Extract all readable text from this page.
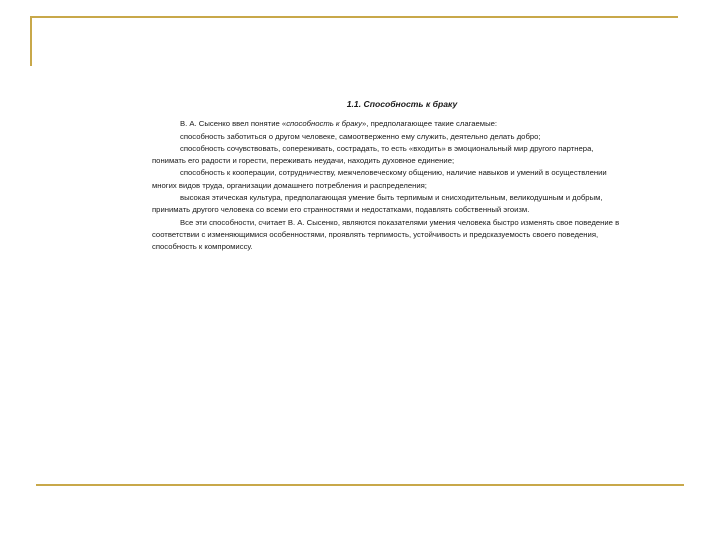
1.1. Способность к браку

В. А. Сысенко ввел понятие «способность к браку», предполагающее такие слагаемые:

способность заботиться о другом человеке, самоотверженно ему служить, деятельно делать добро;

способность сочувствовать, сопереживать, сострадать, то есть «входить» в эмоциональный мир другого партнера, понимать его радости и горести, переживать неудачи, находить духовное единение;

способность к кооперации, сотрудничеству, межчеловеческому общению, наличие навыков и умений в осуществлении многих видов труда, организации домашнего потребления и распределения;

высокая этическая культура, предполагающая умение быть терпимым и снисходительным, великодушным и добрым, принимать другого человека со всеми его странностями и недостатками, подавлять собственный эгоизм.

Все эти способности, считает В. А. Сысенко, являются показателями умения человека быстро изменять свое поведение в соответствии с изменяющимися особенностями, проявлять терпимость, устойчивость и предсказуемость своего поведения, способность к компромиссу.
